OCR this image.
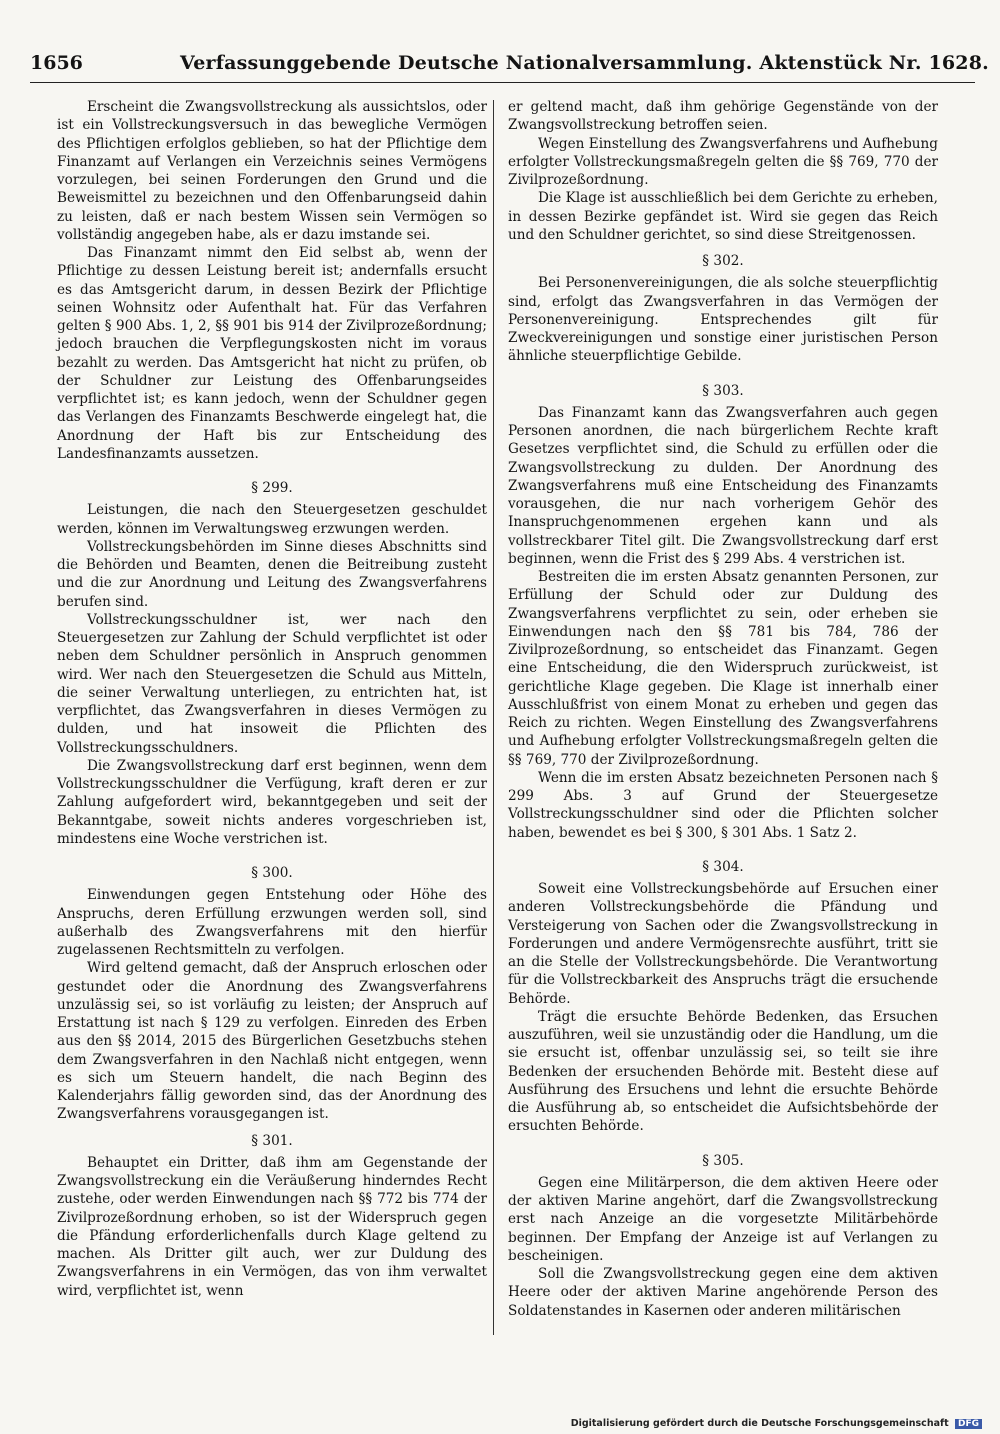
1656	Verfassunggebende Deutsche Nationalversammlung. Aktenstück Nr. 1628.

Erscheint die Zwangsvollstreckung als aussichtslos, oder ist ein Vollstreckungsversuch in das bewegliche Vermögen des Pflichtigen erfolglos geblieben, so hat der Pflichtige dem Finanzamt auf Verlangen ein Verzeichnis seines Vermögens vorzulegen, bei seinen Forderungen den Grund und die Beweismittel zu bezeichnen und den Offenbarungseid dahin zu leisten, daß er nach bestem Wissen sein Vermögen so vollständig angegeben habe, als er dazu imstande sei.

Das Finanzamt nimmt den Eid selbst ab, wenn der Pflichtige zu dessen Leistung bereit ist; andernfalls ersucht es das Amtsgericht darum, in dessen Bezirk der Pflichtige seinen Wohnsitz oder Aufenthalt hat. Für das Verfahren gelten § 900 Abs. 1, 2, §§ 901 bis 914 der Zivilprozeßordnung; jedoch brauchen die Verpflegungskosten nicht im voraus bezahlt zu werden. Das Amtsgericht hat nicht zu prüfen, ob der Schuldner zur Leistung des Offenbarungseides verpflichtet ist; es kann jedoch, wenn der Schuldner gegen das Verlangen des Finanzamts Beschwerde eingelegt hat, die Anordnung der Haft bis zur Entscheidung des Landesfinanzamts aussetzen.

§ 299.

Leistungen, die nach den Steuergesetzen geschuldet werden, können im Verwaltungsweg erzwungen werden.

Vollstreckungsbehörden im Sinne dieses Abschnitts sind die Behörden und Beamten, denen die Beitreibung zusteht und die zur Anordnung und Leitung des Zwangsverfahrens berufen sind.

Vollstreckungsschuldner ist, wer nach den Steuergesetzen zur Zahlung der Schuld verpflichtet ist oder neben dem Schuldner persönlich in Anspruch genommen wird. Wer nach den Steuergesetzen die Schuld aus Mitteln, die seiner Verwaltung unterliegen, zu entrichten hat, ist verpflichtet, das Zwangsverfahren in dieses Vermögen zu dulden, und hat insoweit die Pflichten des Vollstreckungsschuldners.

Die Zwangsvollstreckung darf erst beginnen, wenn dem Vollstreckungsschuldner die Verfügung, kraft deren er zur Zahlung aufgefordert wird, bekanntgegeben und seit der Bekanntgabe, soweit nichts anderes vorgeschrieben ist, mindestens eine Woche verstrichen ist.

§ 300.

Einwendungen gegen Entstehung oder Höhe des Anspruchs, deren Erfüllung erzwungen werden soll, sind außerhalb des Zwangsverfahrens mit den hierfür zugelassenen Rechtsmitteln zu verfolgen.

Wird geltend gemacht, daß der Anspruch erloschen oder gestundet oder die Anordnung des Zwangsverfahrens unzulässig sei, so ist vorläufig zu leisten; der Anspruch auf Erstattung ist nach § 129 zu verfolgen. Einreden des Erben aus den §§ 2014, 2015 des Bürgerlichen Gesetzbuchs stehen dem Zwangsverfahren in den Nachlaß nicht entgegen, wenn es sich um Steuern handelt, die nach Beginn des Kalenderjahrs fällig geworden sind, das der Anordnung des Zwangsverfahrens vorausgegangen ist.

§ 301.

Behauptet ein Dritter, daß ihm am Gegenstande der Zwangsvollstreckung ein die Veräußerung hinderndes Recht zustehe, oder werden Einwendungen nach §§ 772 bis 774 der Zivilprozeßordnung erhoben, so ist der Widerspruch gegen die Pfändung erforderlichenfalls durch Klage geltend zu machen. Als Dritter gilt auch, wer zur Duldung des Zwangsverfahrens in ein Vermögen, das von ihm verwaltet wird, verpflichtet ist, wenn

er geltend macht, daß ihm gehörige Gegenstände von der Zwangsvollstreckung betroffen seien.

Wegen Einstellung des Zwangsverfahrens und Aufhebung erfolgter Vollstreckungsmaßregeln gelten die §§ 769, 770 der Zivilprozeßordnung.

Die Klage ist ausschließlich bei dem Gerichte zu erheben, in dessen Bezirke gepfändet ist. Wird sie gegen das Reich und den Schuldner gerichtet, so sind diese Streitgenossen.

§ 302.

Bei Personenvereinigungen, die als solche steuerpflichtig sind, erfolgt das Zwangsverfahren in das Vermögen der Personenvereinigung. Entsprechendes gilt für Zweckvereinigungen und sonstige einer juristischen Person ähnliche steuerpflichtige Gebilde.

§ 303.

Das Finanzamt kann das Zwangsverfahren auch gegen Personen anordnen, die nach bürgerlichem Rechte kraft Gesetzes verpflichtet sind, die Schuld zu erfüllen oder die Zwangsvollstreckung zu dulden. Der Anordnung des Zwangsverfahrens muß eine Entscheidung des Finanzamts vorausgehen, die nur nach vorherigem Gehör des Inanspruchgenommenen ergehen kann und als vollstreckbarer Titel gilt. Die Zwangsvollstreckung darf erst beginnen, wenn die Frist des § 299 Abs. 4 verstrichen ist.

Bestreiten die im ersten Absatz genannten Personen, zur Erfüllung der Schuld oder zur Duldung des Zwangsverfahrens verpflichtet zu sein, oder erheben sie Einwendungen nach den §§ 781 bis 784, 786 der Zivilprozeßordnung, so entscheidet das Finanzamt. Gegen eine Entscheidung, die den Widerspruch zurückweist, ist gerichtliche Klage gegeben. Die Klage ist innerhalb einer Ausschlußfrist von einem Monat zu erheben und gegen das Reich zu richten. Wegen Einstellung des Zwangsverfahrens und Aufhebung erfolgter Vollstreckungsmaßregeln gelten die §§ 769, 770 der Zivilprozeßordnung.

Wenn die im ersten Absatz bezeichneten Personen nach § 299 Abs. 3 auf Grund der Steuergesetze Vollstreckungsschuldner sind oder die Pflichten solcher haben, bewendet es bei § 300, § 301 Abs. 1 Satz 2.

§ 304.

Soweit eine Vollstreckungsbehörde auf Ersuchen einer anderen Vollstreckungsbehörde die Pfändung und Versteigerung von Sachen oder die Zwangsvollstreckung in Forderungen und andere Vermögensrechte ausführt, tritt sie an die Stelle der Vollstreckungsbehörde. Die Verantwortung für die Vollstreckbarkeit des Anspruchs trägt die ersuchende Behörde.

Trägt die ersuchte Behörde Bedenken, das Ersuchen auszuführen, weil sie unzuständig oder die Handlung, um die sie ersucht ist, offenbar unzulässig sei, so teilt sie ihre Bedenken der ersuchenden Behörde mit. Besteht diese auf Ausführung des Ersuchens und lehnt die ersuchte Behörde die Ausführung ab, so entscheidet die Aufsichtsbehörde der ersuchten Behörde.

§ 305.

Gegen eine Militärperson, die dem aktiven Heere oder der aktiven Marine angehört, darf die Zwangsvollstreckung erst nach Anzeige an die vorgesetzte Militärbehörde beginnen. Der Empfang der Anzeige ist auf Verlangen zu bescheinigen.

Soll die Zwangsvollstreckung gegen eine dem aktiven Heere oder der aktiven Marine angehörende Person des Soldatenstandes in Kasernen oder anderen militärischen

Digitalisierung gefördert durch die Deutsche Forschungsgemeinschaft DFG
